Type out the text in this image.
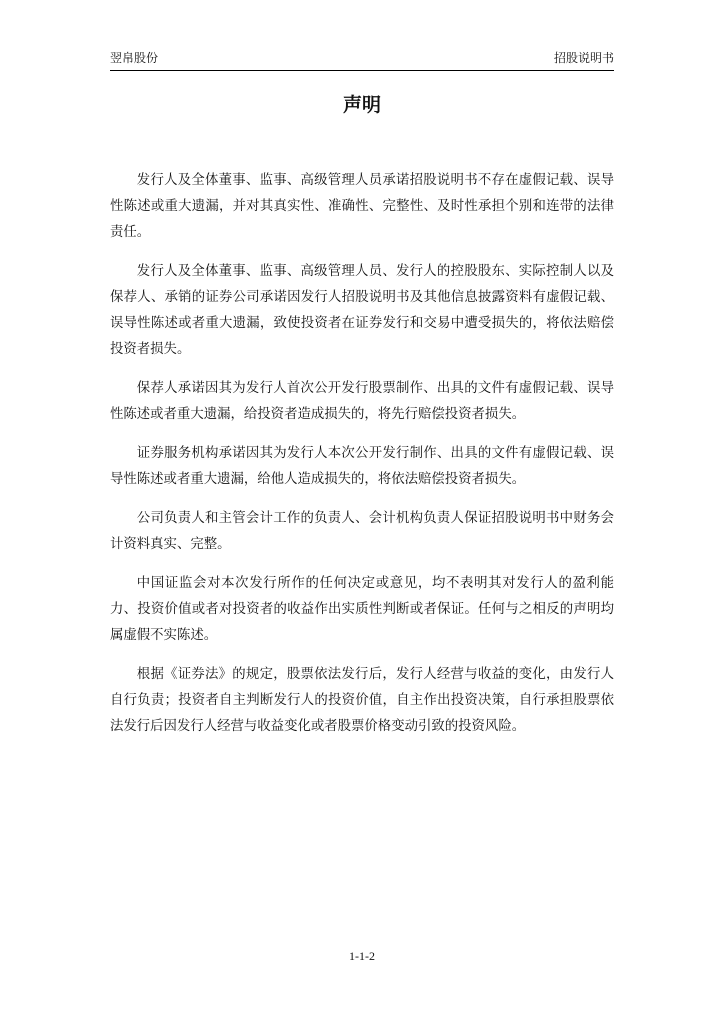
翌帛股份	招股说明书
声明

发行人及全体董事、监事、高级管理人员承诺招股说明书不存在虚假记载、误导性陈述或重大遗漏，并对其真实性、准确性、完整性、及时性承担个别和连带的法律责任。

发行人及全体董事、监事、高级管理人员、发行人的控股股东、实际控制人以及保荐人、承销的证券公司承诺因发行人招股说明书及其他信息披露资料有虚假记载、误导性陈述或者重大遗漏，致使投资者在证券发行和交易中遭受损失的，将依法赔偿投资者损失。

保荐人承诺因其为发行人首次公开发行股票制作、出具的文件有虚假记载、误导性陈述或者重大遗漏，给投资者造成损失的，将先行赔偿投资者损失。

证券服务机构承诺因其为发行人本次公开发行制作、出具的文件有虚假记载、误导性陈述或者重大遗漏，给他人造成损失的，将依法赔偿投资者损失。

公司负责人和主管会计工作的负责人、会计机构负责人保证招股说明书中财务会计资料真实、完整。

中国证监会对本次发行所作的任何决定或意见，均不表明其对发行人的盈利能力、投资价值或者对投资者的收益作出实质性判断或者保证。任何与之相反的声明均属虚假不实陈述。

根据《证券法》的规定，股票依法发行后，发行人经营与收益的变化，由发行人自行负责；投资者自主判断发行人的投资价值，自主作出投资决策，自行承担股票依法发行后因发行人经营与收益变化或者股票价格变动引致的投资风险。

1-1-2
